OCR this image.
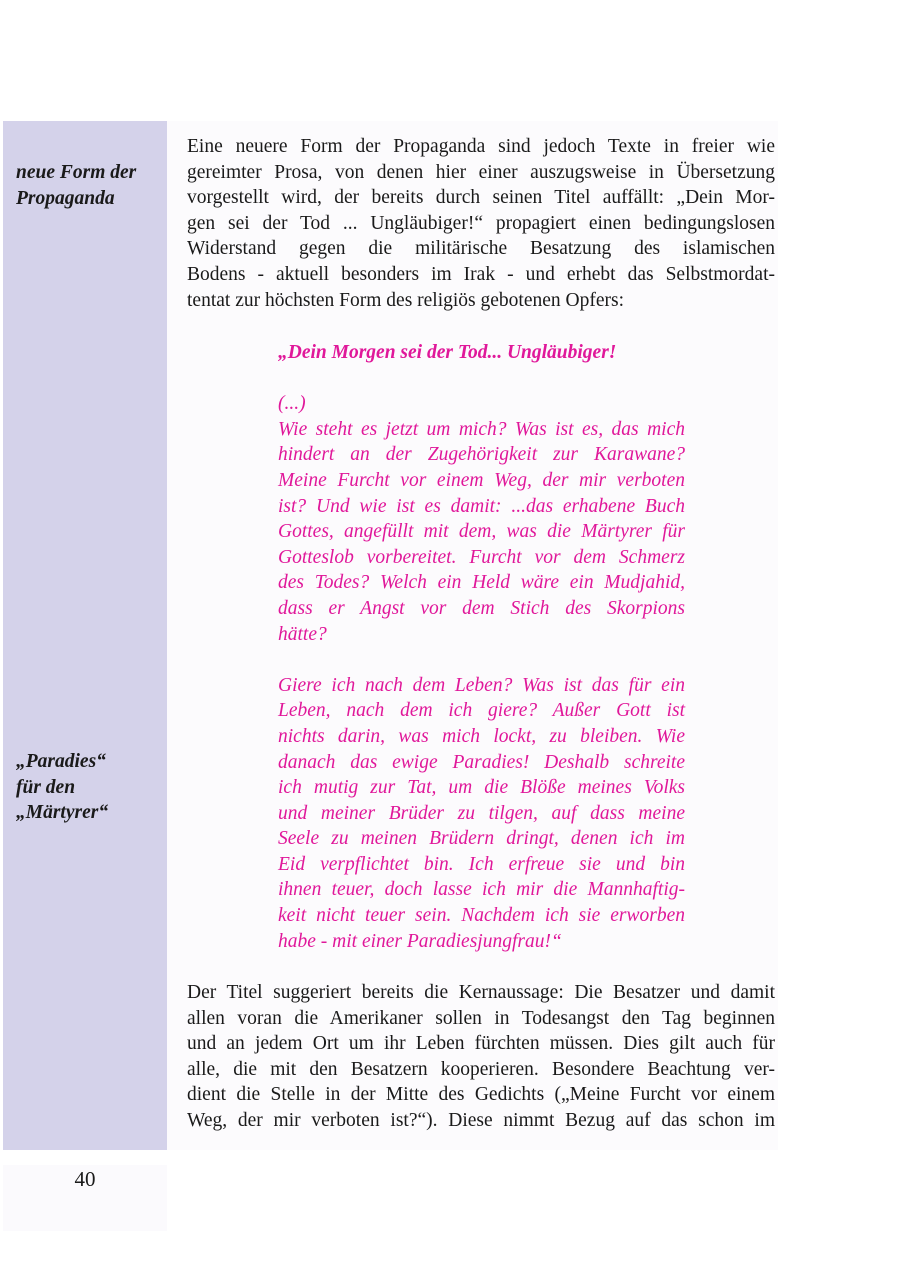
neue Form der
Propaganda
„Paradies“
für den
„Märtyrer“
Eine neuere Form der Propaganda sind jedoch Texte in freier wie
gereimter Prosa, von denen hier einer auszugsweise in Übersetzung
vorgestellt wird, der bereits durch seinen Titel auffällt: „Dein Mor-
gen sei der Tod ... Ungläubiger!“ propagiert einen bedingungslosen
Widerstand gegen die militärische Besatzung des islamischen
Bodens - aktuell besonders im Irak - und erhebt das Selbstmordat-
tentat zur höchsten Form des religiös gebotenen Opfers:
„Dein Morgen sei der Tod... Ungläubiger!
(...)
Wie steht es jetzt um mich? Was ist es, das mich
hindert an der Zugehörigkeit zur Karawane?
Meine Furcht vor einem Weg, der mir verboten
ist? Und wie ist es damit: ...das erhabene Buch
Gottes, angefüllt mit dem, was die Märtyrer für
Gotteslob vorbereitet. Furcht vor dem Schmerz
des Todes? Welch ein Held wäre ein Mudjahid,
dass er Angst vor dem Stich des Skorpions
hätte?
Giere ich nach dem Leben? Was ist das für ein
Leben, nach dem ich giere? Außer Gott ist
nichts darin, was mich lockt, zu bleiben. Wie
danach das ewige Paradies! Deshalb schreite
ich mutig zur Tat, um die Blöße meines Volks
und meiner Brüder zu tilgen, auf dass meine
Seele zu meinen Brüdern dringt, denen ich im
Eid verpflichtet bin. Ich erfreue sie und bin
ihnen teuer, doch lasse ich mir die Mannhaftig-
keit nicht teuer sein. Nachdem ich sie erworben
habe - mit einer Paradiesjungfrau!“
Der Titel suggeriert bereits die Kernaussage: Die Besatzer und damit
allen voran die Amerikaner sollen in Todesangst den Tag beginnen
und an jedem Ort um ihr Leben fürchten müssen. Dies gilt auch für
alle, die mit den Besatzern kooperieren. Besondere Beachtung ver-
dient die Stelle in der Mitte des Gedichts („Meine Furcht vor einem
Weg, der mir verboten ist?“). Diese nimmt Bezug auf das schon im
40
